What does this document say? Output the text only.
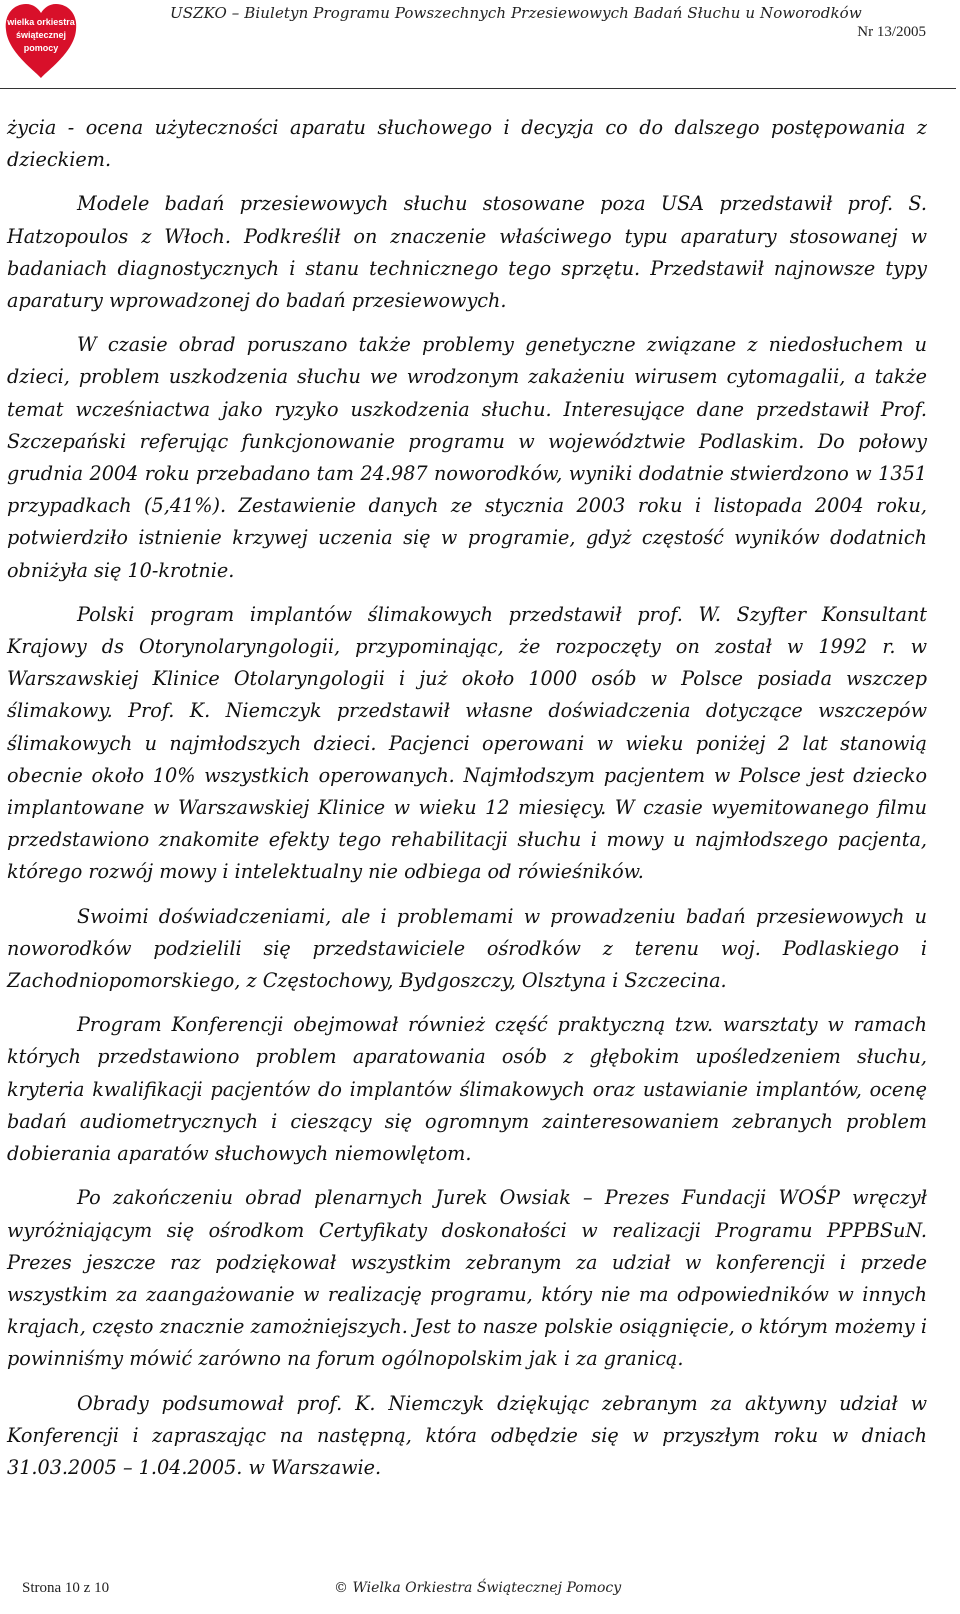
wielka orkiestra
świątecznej
pomocy
USZKO – Biuletyn Programu Powszechnych Przesiewowych Badań Słuchu u Noworodków
Nr 13/2005

życia - ocena użyteczności aparatu słuchowego i decyzja co do dalszego postępowania z dzieckiem.

Modele badań przesiewowych słuchu stosowane poza USA przedstawił prof. S. Hatzopoulos z Włoch. Podkreślił on znaczenie właściwego typu aparatury stosowanej w badaniach diagnostycznych i stanu technicznego tego sprzętu. Przedstawił najnowsze typy aparatury wprowadzonej do badań przesiewowych.

W czasie obrad poruszano także problemy genetyczne związane z niedosłuchem u dzieci, problem uszkodzenia słuchu we wrodzonym zakażeniu wirusem cytomagalii, a także temat wcześniactwa jako ryzyko uszkodzenia słuchu. Interesujące dane przedstawił Prof. Szczepański referując funkcjonowanie programu w województwie Podlaskim. Do połowy grudnia 2004 roku przebadano tam 24.987 noworodków, wyniki dodatnie stwierdzono w 1351 przypadkach (5,41%). Zestawienie danych ze stycznia 2003 roku i listopada 2004 roku, potwierdziło istnienie krzywej uczenia się w programie, gdyż częstość wyników dodatnich obniżyła się 10-krotnie.

Polski program implantów ślimakowych przedstawił prof. W. Szyfter Konsultant Krajowy ds Otorynolaryngologii, przypominając, że rozpoczęty on został w 1992 r. w Warszawskiej Klinice Otolaryngologii i już około 1000 osób w Polsce posiada wszczep ślimakowy. Prof. K. Niemczyk przedstawił własne doświadczenia dotyczące wszczepów ślimakowych u najmłodszych dzieci. Pacjenci operowani w wieku poniżej 2 lat stanowią obecnie około 10% wszystkich operowanych. Najmłodszym pacjentem w Polsce jest dziecko implantowane w Warszawskiej Klinice w wieku 12 miesięcy. W czasie wyemitowanego filmu przedstawiono znakomite efekty tego rehabilitacji słuchu i mowy u najmłodszego pacjenta, którego rozwój mowy i intelektualny nie odbiega od rówieśników.

Swoimi doświadczeniami, ale i problemami w prowadzeniu badań przesiewowych u noworodków podzielili się przedstawiciele ośrodków z terenu woj. Podlaskiego i Zachodniopomorskiego, z Częstochowy, Bydgoszczy, Olsztyna i Szczecina.

Program Konferencji obejmował również część praktyczną tzw. warsztaty w ramach których przedstawiono problem aparatowania osób z głębokim upośledzeniem słuchu, kryteria kwalifikacji pacjentów do implantów ślimakowych oraz ustawianie implantów, ocenę badań audiometrycznych i cieszący się ogromnym zainteresowaniem zebranych problem dobierania aparatów słuchowych niemowlętom.

Po zakończeniu obrad plenarnych Jurek Owsiak – Prezes Fundacji WOŚP wręczył wyróżniającym się ośrodkom Certyfikaty doskonałości w realizacji Programu PPPBSuN. Prezes jeszcze raz podziękował wszystkim zebranym za udział w konferencji i przede wszystkim za zaangażowanie w realizację programu, który nie ma odpowiedników w innych krajach, często znacznie zamożniejszych. Jest to nasze polskie osiągnięcie, o którym możemy i powinniśmy mówić zarówno na forum ogólnopolskim jak i za granicą.

Obrady podsumował prof. K. Niemczyk dziękując zebranym za aktywny udział w Konferencji i zapraszając na następną, która odbędzie się w przyszłym roku w dniach 31.03.2005 – 1.04.2005. w Warszawie.

Strona 10 z 10	© Wielka Orkiestra Świątecznej Pomocy
